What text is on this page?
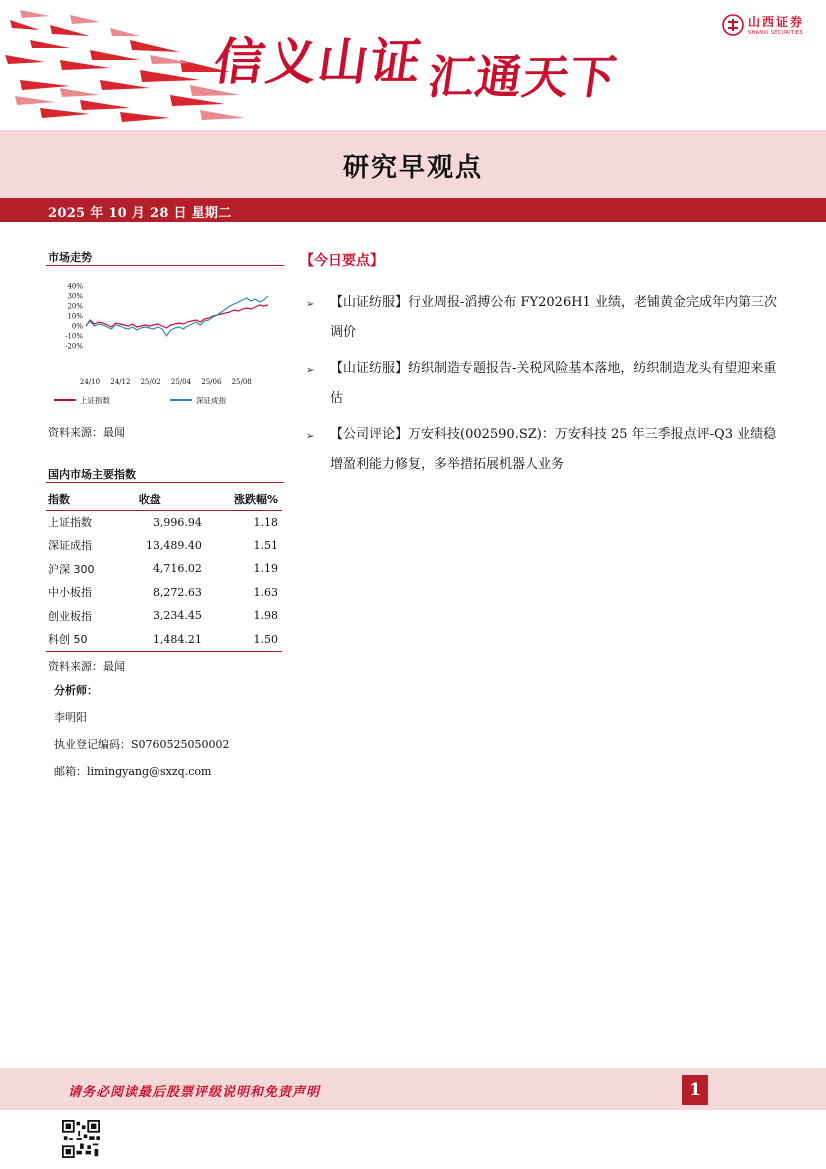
信义山证汇通天下
山西证券
SHANXI SECURITIES
研究早观点
2025 年 10 月 28 日 星期二
市场走势
40%
30%
20%
10%
0%
-10%
-20%
24/10 24/12 25/02 25/04 25/06 25/08
上证指数	深证成指
资料来源：最闻
国内市场主要指数
指数	收盘	涨跌幅%
上证指数	3,996.94	1.18
深证成指	13,489.40	1.51
沪深 300	4,716.02	1.19
中小板指	8,272.63	1.63
创业板指	3,234.45	1.98
科创 50	1,484.21	1.50
资料来源：最闻
分析师：
李明阳
执业登记编码：S0760525050002
邮箱：limingyang@sxzq.com
【今日要点】
➢ 【山证纺服】行业周报-滔搏公布 FY2026H1 业绩，老铺黄金完成年内第三次调价
➢ 【山证纺服】纺织制造专题报告-关税风险基本落地，纺织制造龙头有望迎来重估
➢ 【公司评论】万安科技(002590.SZ)：万安科技 25 年三季报点评-Q3 业绩稳增盈利能力修复，多举措拓展机器人业务
请务必阅读最后股票评级说明和免责声明	1
